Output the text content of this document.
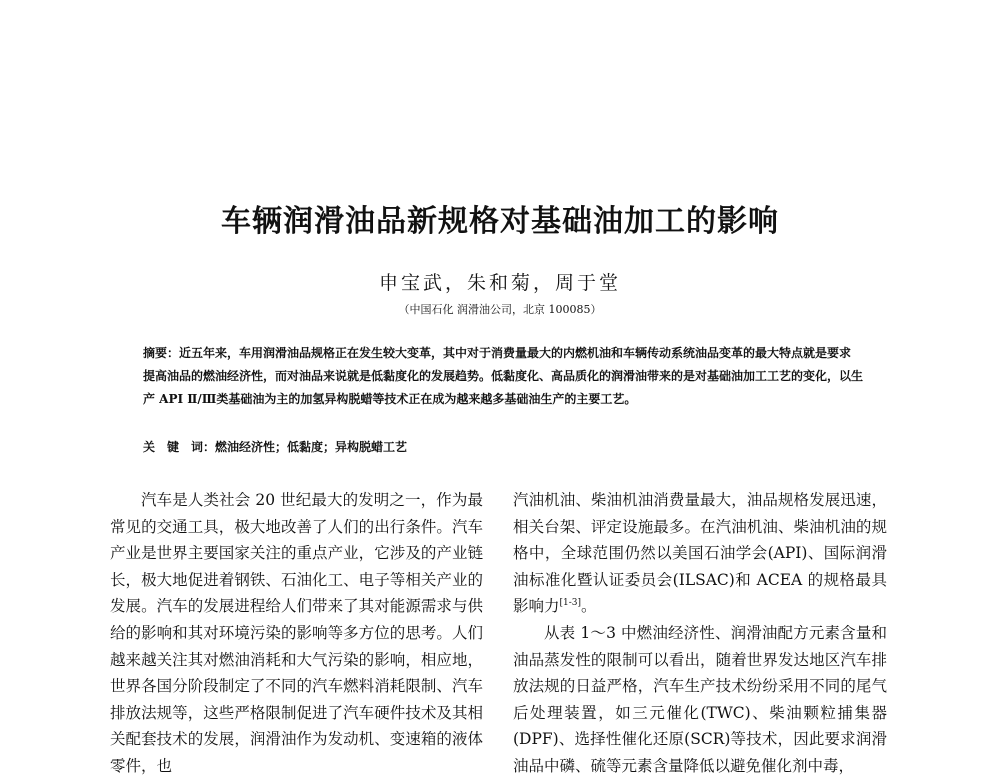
车辆润滑油品新规格对基础油加工的影响
申宝武，朱和菊，周于堂
（中国石化 润滑油公司，北京 100085）

摘要：近五年来，车用润滑油品规格正在发生较大变革，其中对于消费量最大的内燃机油和车辆传动系统油品变革的最大特点就是要求提高油品的燃油经济性，而对油品来说就是低黏度化的发展趋势。低黏度化、高品质化的润滑油带来的是对基础油加工工艺的变化，以生产 API Ⅱ/Ⅲ类基础油为主的加氢异构脱蜡等技术正在成为越来越多基础油生产的主要工艺。

关　键　词：燃油经济性；低黏度；异构脱蜡工艺

汽车是人类社会 20 世纪最大的发明之一，作为最常见的交通工具，极大地改善了人们的出行条件。汽车产业是世界主要国家关注的重点产业，它涉及的产业链长，极大地促进着钢铁、石油化工、电子等相关产业的发展。汽车的发展进程给人们带来了其对能源需求与供给的影响和其对环境污染的影响等多方位的思考。人们越来越关注其对燃油消耗和大气污染的影响，相应地，世界各国分阶段制定了不同的汽车燃料消耗限制、汽车排放法规等，这些严格限制促进了汽车硬件技术及其相关配套技术的发展，润滑油作为发动机、变速箱的液体零件，也

汽油机油、柴油机油消费量最大，油品规格发展迅速，相关台架、评定设施最多。在汽油机油、柴油机油的规格中，全球范围仍然以美国石油学会(API)、国际润滑油标准化暨认证委员会(ILSAC)和 ACEA 的规格最具影响力[1-3]。

从表 1～3 中燃油经济性、润滑油配方元素含量和油品蒸发性的限制可以看出，随着世界发达地区汽车排放法规的日益严格，汽车生产技术纷纷采用不同的尾气后处理装置，如三元催化(TWC)、柴油颗粒捕集器(DPF)、选择性催化还原(SCR)等技术，因此要求润滑油品中磷、硫等元素含量降低以避免催化剂中毒，
